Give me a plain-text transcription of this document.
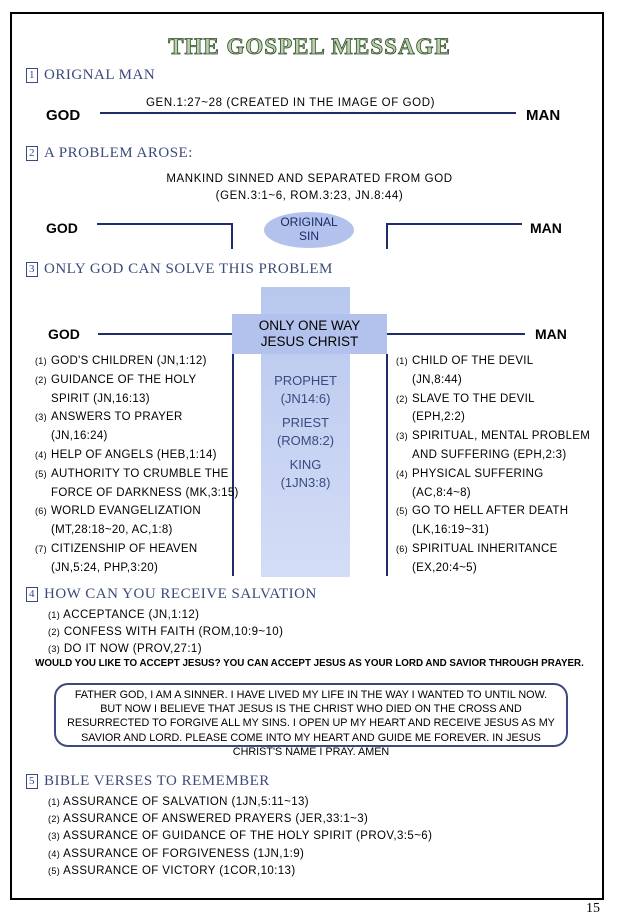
THE GOSPEL MESSAGE
1 ORIGNAL MAN
GEN.1:27~28 (CREATED IN THE IMAGE OF GOD)
GOD	MAN
2 A PROBLEM AROSE:
MANKIND SINNED AND SEPARATED FROM GOD
(GEN.3:1~6, ROM.3:23, JN.8:44)
GOD	MAN
ORIGINAL
SIN
3 ONLY GOD CAN SOLVE THIS PROBLEM
ONLY ONE WAY
JESUS CHRIST
GOD	MAN
PROPHET
(JN14:6)
PRIEST
(ROM8:2)
KING
(1JN3:8)
(1) GOD'S CHILDREN (JN,1:12)
(2) GUIDANCE OF THE HOLY
SPIRIT (JN,16:13)
(3) ANSWERS TO PRAYER
(JN,16:24)
(4) HELP OF ANGELS (HEB,1:14)
(5) AUTHORITY TO CRUMBLE THE
FORCE OF DARKNESS (MK,3:15)
(6) WORLD EVANGELIZATION
(MT,28:18~20, AC,1:8)
(7) CITIZENSHIP OF HEAVEN
(JN,5:24, PHP,3:20)
(1) CHILD OF THE DEVIL
(JN,8:44)
(2) SLAVE TO THE DEVIL
(EPH,2:2)
(3) SPIRITUAL, MENTAL PROBLEM
AND SUFFERING (EPH,2:3)
(4) PHYSICAL SUFFERING
(AC,8:4~8)
(5) GO TO HELL AFTER DEATH
(LK,16:19~31)
(6) SPIRITUAL INHERITANCE
(EX,20:4~5)
4 HOW CAN YOU RECEIVE SALVATION
(1) ACCEPTANCE (JN,1:12)
(2) CONFESS WITH FAITH (ROM,10:9~10)
(3) DO IT NOW (PROV,27:1)
WOULD YOU LIKE TO ACCEPT JESUS? YOU CAN ACCEPT JESUS AS YOUR LORD AND SAVIOR THROUGH PRAYER.
FATHER GOD, I AM A SINNER. I HAVE LIVED MY LIFE IN THE WAY I WANTED TO UNTIL NOW. BUT NOW I BELIEVE THAT JESUS IS THE CHRIST WHO DIED ON THE CROSS AND RESURRECTED TO FORGIVE ALL MY SINS. I OPEN UP MY HEART AND RECEIVE JESUS AS MY SAVIOR AND LORD. PLEASE COME INTO MY HEART AND GUIDE ME FOREVER. IN JESUS CHRIST'S NAME I PRAY. AMEN
5 BIBLE VERSES TO REMEMBER
(1) ASSURANCE OF SALVATION (1JN,5:11~13)
(2) ASSURANCE OF ANSWERED PRAYERS (JER,33:1~3)
(3) ASSURANCE OF GUIDANCE OF THE HOLY SPIRIT (PROV,3:5~6)
(4) ASSURANCE OF FORGIVENESS (1JN,1:9)
(5) ASSURANCE OF VICTORY (1COR,10:13)
15
